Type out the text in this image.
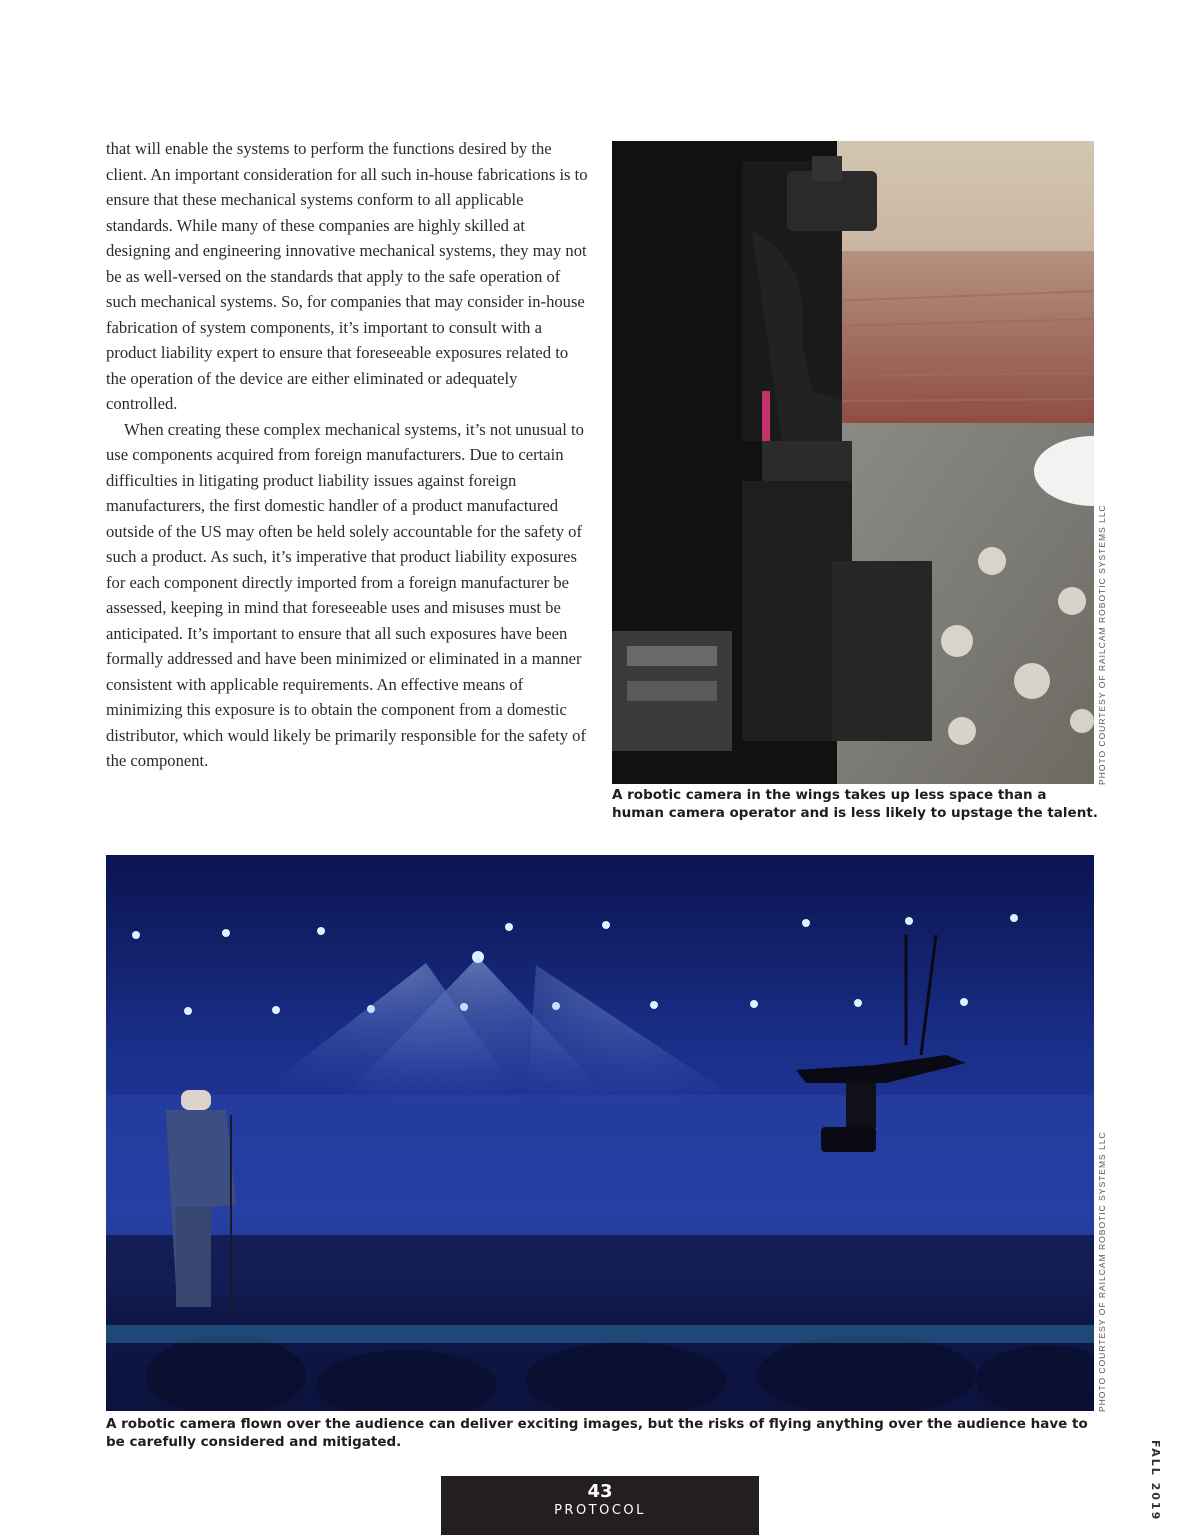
that will enable the systems to perform the functions desired by the client. An important consideration for all such in-house fabrications is to ensure that these mechanical systems conform to all applicable standards. While many of these companies are highly skilled at designing and engineering innovative mechanical systems, they may not be as well-versed on the standards that apply to the safe operation of such mechanical systems. So, for companies that may consider in-house fabrication of system components, it’s important to consult with a product liability expert to ensure that foreseeable exposures related to the operation of the device are either eliminated or adequately controlled.

When creating these complex mechanical systems, it’s not unusual to use components acquired from foreign manufacturers. Due to certain difficulties in litigating product liability issues against foreign manufacturers, the first domestic handler of a product manufactured outside of the US may often be held solely accountable for the safety of such a product. As such, it’s imperative that product liability exposures for each component directly imported from a foreign manufacturer be assessed, keeping in mind that foreseeable uses and misuses must be anticipated. It’s important to ensure that all such exposures have been formally addressed and have been minimized or eliminated in a manner consistent with applicable requirements. An effective means of minimizing this exposure is to obtain the component from a domestic distributor, which would likely be primarily responsible for the safety of the component.	PHOTO COURTESY OF RAILCAM ROBOTIC SYSTEMS LLC
A robotic camera in the wings takes up less space than a human camera operator and is less likely to upstage the talent.
PHOTO COURTESY OF RAILCAM ROBOTIC SYSTEMS LLC
A robotic camera flown over the audience can deliver exciting images, but the risks of flying anything over the audience have to be carefully considered and mitigated.	FALL 2019
43
PROTOCOL
